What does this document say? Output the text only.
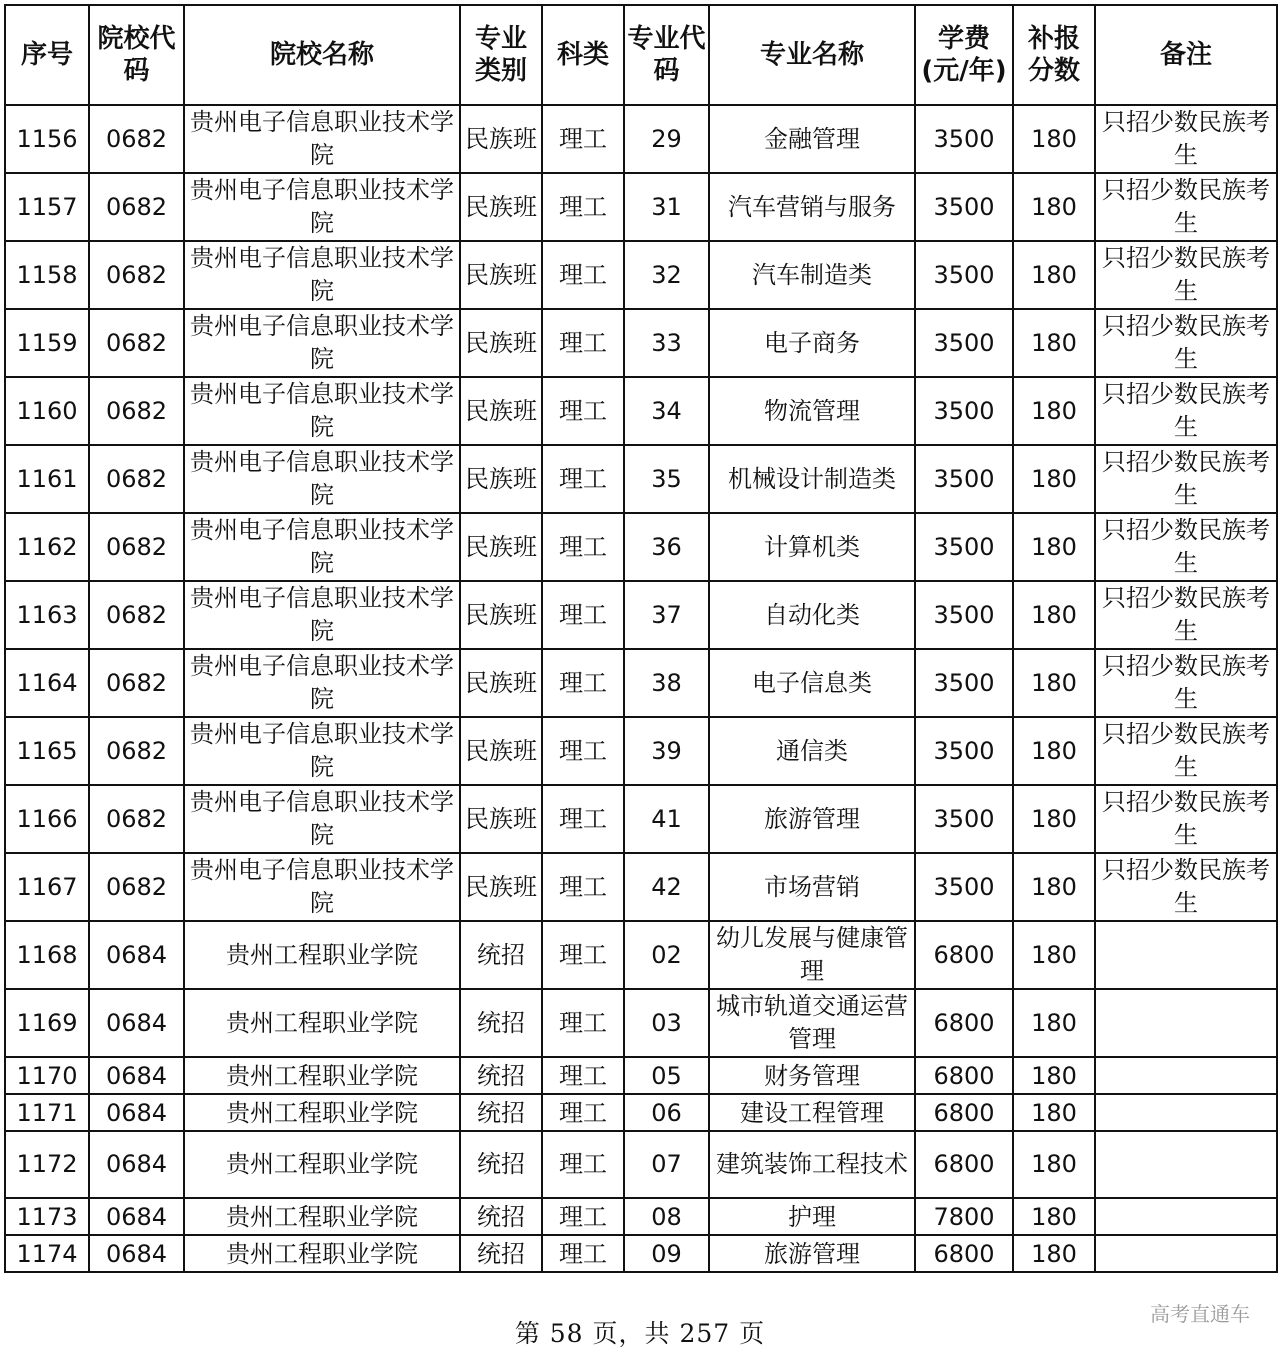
序号	院校代码	院校名称	专业类别	科类	专业代码	专业名称	学费(元/年)	补报分数	备注
1156	0682	贵州电子信息职业技术学院	民族班	理工	29	金融管理	3500	180	只招少数民族考生
1157	0682	贵州电子信息职业技术学院	民族班	理工	31	汽车营销与服务	3500	180	只招少数民族考生
1158	0682	贵州电子信息职业技术学院	民族班	理工	32	汽车制造类	3500	180	只招少数民族考生
1159	0682	贵州电子信息职业技术学院	民族班	理工	33	电子商务	3500	180	只招少数民族考生
1160	0682	贵州电子信息职业技术学院	民族班	理工	34	物流管理	3500	180	只招少数民族考生
1161	0682	贵州电子信息职业技术学院	民族班	理工	35	机械设计制造类	3500	180	只招少数民族考生
1162	0682	贵州电子信息职业技术学院	民族班	理工	36	计算机类	3500	180	只招少数民族考生
1163	0682	贵州电子信息职业技术学院	民族班	理工	37	自动化类	3500	180	只招少数民族考生
1164	0682	贵州电子信息职业技术学院	民族班	理工	38	电子信息类	3500	180	只招少数民族考生
1165	0682	贵州电子信息职业技术学院	民族班	理工	39	通信类	3500	180	只招少数民族考生
1166	0682	贵州电子信息职业技术学院	民族班	理工	41	旅游管理	3500	180	只招少数民族考生
1167	0682	贵州电子信息职业技术学院	民族班	理工	42	市场营销	3500	180	只招少数民族考生
1168	0684	贵州工程职业学院	统招	理工	02	幼儿发展与健康管理	6800	180	
1169	0684	贵州工程职业学院	统招	理工	03	城市轨道交通运营管理	6800	180	
1170	0684	贵州工程职业学院	统招	理工	05	财务管理	6800	180	
1171	0684	贵州工程职业学院	统招	理工	06	建设工程管理	6800	180	
1172	0684	贵州工程职业学院	统招	理工	07	建筑装饰工程技术	6800	180	
1173	0684	贵州工程职业学院	统招	理工	08	护理	7800	180	
1174	0684	贵州工程职业学院	统招	理工	09	旅游管理	6800	180	
第 58 页，共 257 页
高考直通车
